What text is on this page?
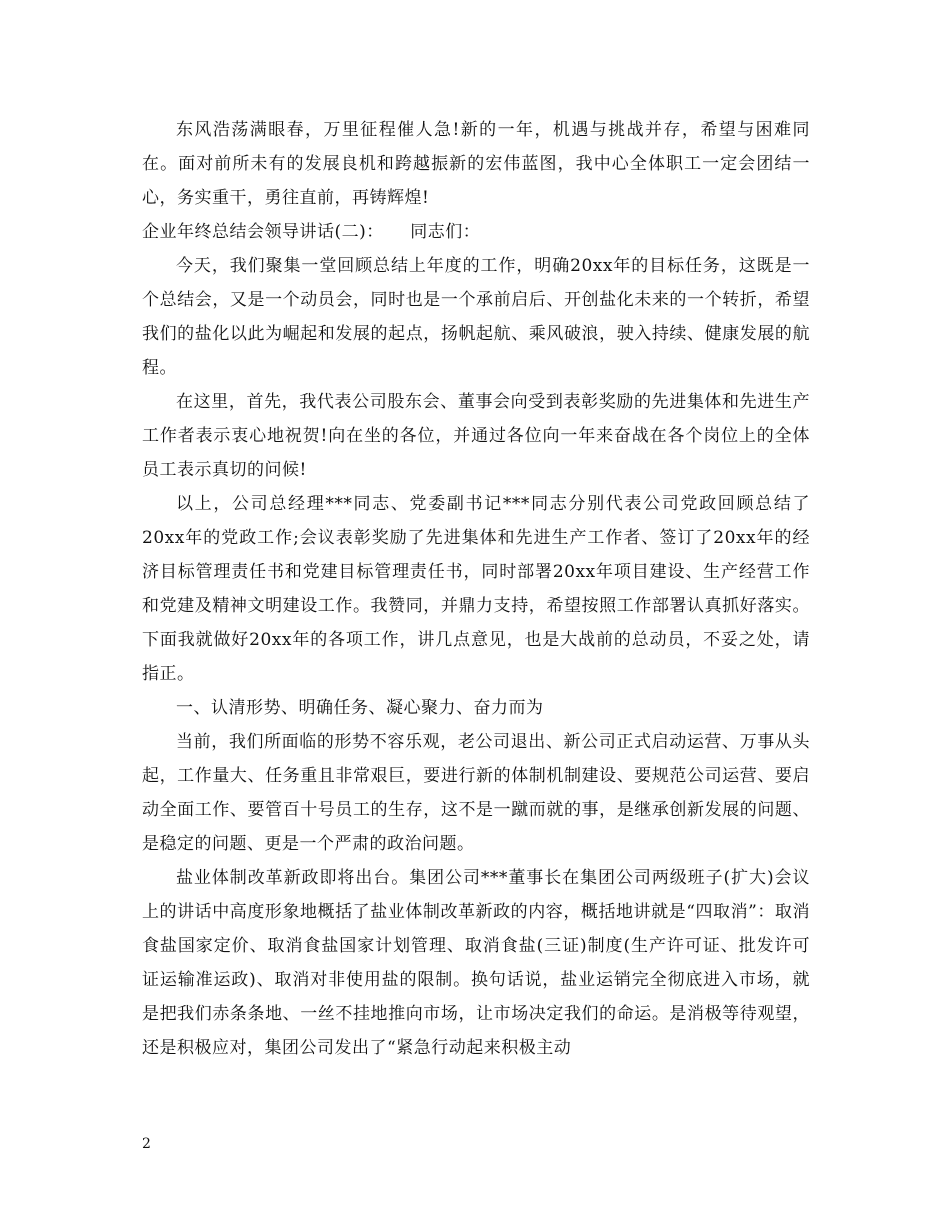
东风浩荡满眼春，万里征程催人急!新的一年，机遇与挑战并存，希望与困难同在。面对前所未有的发展良机和跨越振新的宏伟蓝图，我中心全体职工一定会团结一心，务实重干，勇往直前，再铸辉煌!

企业年终总结会领导讲话(二)：　　同志们：

今天，我们聚集一堂回顾总结上年度的工作，明确20xx年的目标任务，这既是一个总结会，又是一个动员会，同时也是一个承前启后、开创盐化未来的一个转折，希望我们的盐化以此为崛起和发展的起点，扬帆起航、乘风破浪，驶入持续、健康发展的航程。

在这里，首先，我代表公司股东会、董事会向受到表彰奖励的先进集体和先进生产工作者表示衷心地祝贺!向在坐的各位，并通过各位向一年来奋战在各个岗位上的全体员工表示真切的问候!

以上，公司总经理***同志、党委副书记***同志分别代表公司党政回顾总结了20xx年的党政工作;会议表彰奖励了先进集体和先进生产工作者、签订了20xx年的经济目标管理责任书和党建目标管理责任书，同时部署20xx年项目建设、生产经营工作和党建及精神文明建设工作。我赞同，并鼎力支持，希望按照工作部署认真抓好落实。下面我就做好20xx年的各项工作，讲几点意见，也是大战前的总动员，不妥之处，请指正。

一、认清形势、明确任务、凝心聚力、奋力而为

当前，我们所面临的形势不容乐观，老公司退出、新公司正式启动运营、万事从头起，工作量大、任务重且非常艰巨，要进行新的体制机制建设、要规范公司运营、要启动全面工作、要管百十号员工的生存，这不是一蹴而就的事，是继承创新发展的问题、是稳定的问题、更是一个严肃的政治问题。

盐业体制改革新政即将出台。集团公司***董事长在集团公司两级班子(扩大)会议上的讲话中高度形象地概括了盐业体制改革新政的内容，概括地讲就是“四取消”：取消食盐国家定价、取消食盐国家计划管理、取消食盐(三证)制度(生产许可证、批发许可证运输准运政)、取消对非使用盐的限制。换句话说，盐业运销完全彻底进入市场，就是把我们赤条条地、一丝不挂地推向市场，让市场决定我们的命运。是消极等待观望，还是积极应对，集团公司发出了“紧急行动起来积极主动

2
